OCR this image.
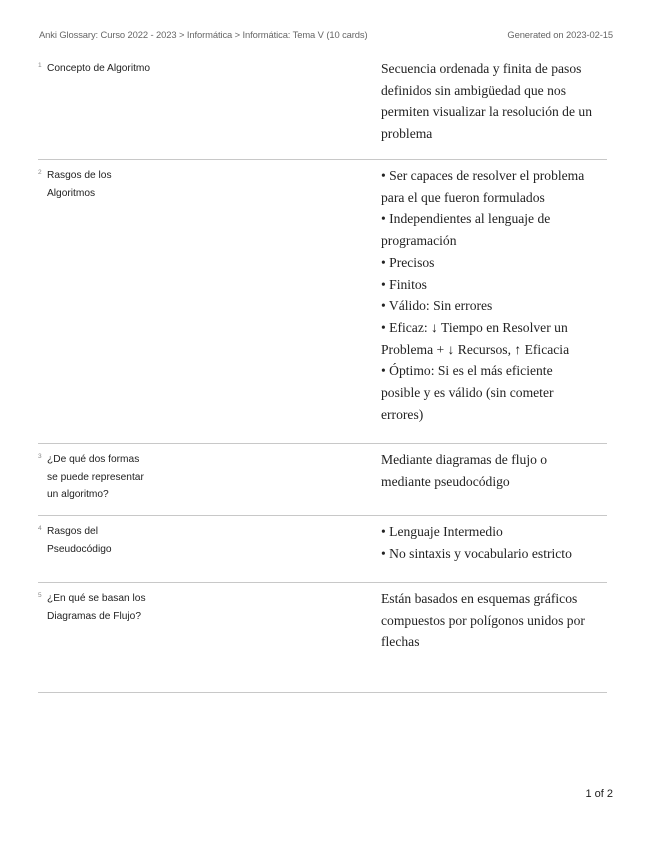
Anki Glossary: Curso 2022 - 2023 > Informática > Informática: Tema V (10 cards)	Generated on 2023-02-15
1 Concepto de Algoritmo	Secuencia ordenada y finita de pasos
definidos sin ambigüedad que nos
permiten visualizar la resolución de un
problema
2 Rasgos de los
Algoritmos
• Ser capaces de resolver el problema
para el que fueron formulados
• Independientes al lenguaje de
programación
• Precisos
• Finitos
• Válido: Sin errores
• Eficaz: ↓ Tiempo en Resolver un
Problema + ↓ Recursos, ↑ Eficacia
• Óptimo: Si es el más eficiente
posible y es válido (sin cometer
errores)
3 ¿De qué dos formas
se puede representar
un algoritmo?
Mediante diagramas de flujo o
mediante pseudocódigo
4 Rasgos del
Pseudocódigo
• Lenguaje Intermedio
• No sintaxis y vocabulario estricto
5 ¿En qué se basan los
Diagramas de Flujo?
Están basados en esquemas gráficos
compuestos por polígonos unidos por
flechas
1 of 2
